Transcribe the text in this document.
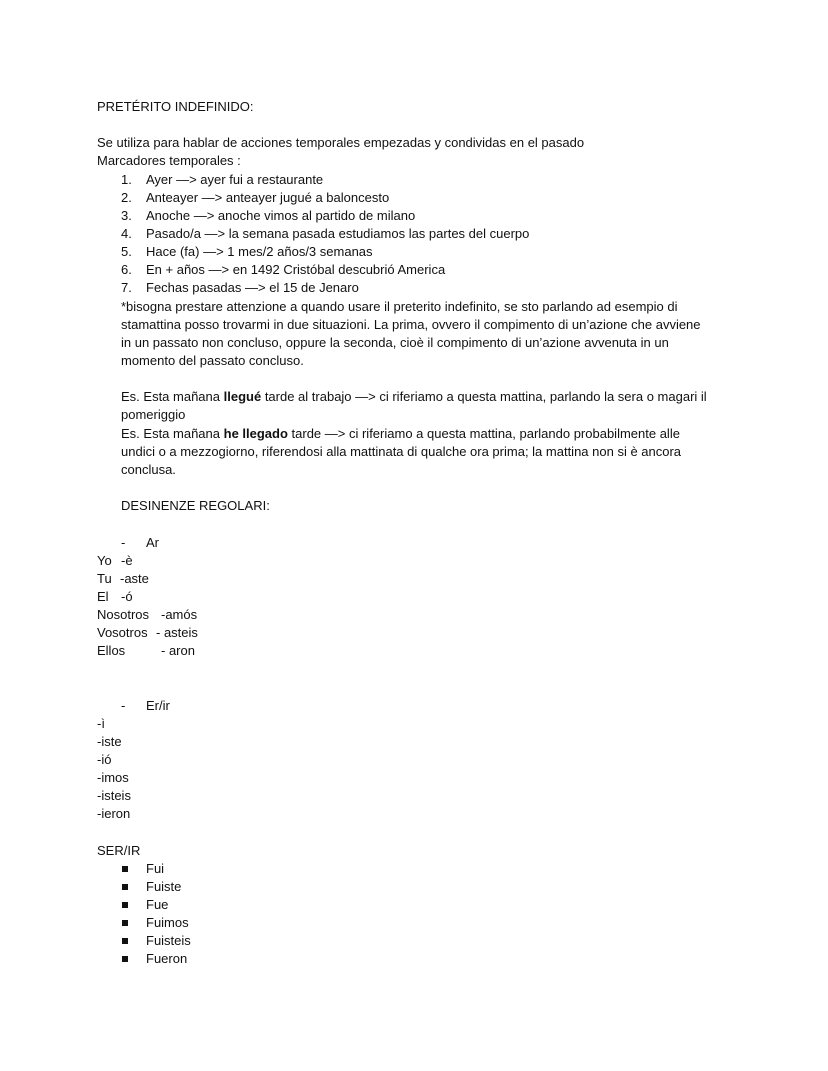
PRETÉRITO INDEFINIDO:
Se utiliza para hablar de acciones temporales empezadas y condividas en el pasado
Marcadores temporales :
1. Ayer —> ayer fui a restaurante
2. Anteayer —> anteayer jugué a baloncesto
3. Anoche —> anoche vimos al partido de milano
4. Pasado/a —> la semana pasada estudiamos las partes del cuerpo
5. Hace (fa) —> 1 mes/2 años/3 semanas
6. En + años —> en 1492 Cristóbal descubrió America
7. Fechas pasadas —> el 15 de Jenaro
*bisogna prestare attenzione a quando usare il preterito indefinito, se sto parlando ad esempio di
stamattina posso trovarmi in due situazioni. La prima, ovvero il compimento di un’azione che avviene
in un passato non concluso, oppure la seconda, cioè il compimento di un’azione avvenuta in un
momento del passato concluso.
Es. Esta mañana llegué tarde al trabajo —> ci riferiamo a questa mattina, parlando la sera o magari il
pomeriggio
Es. Esta mañana he llegado tarde —> ci riferiamo a questa mattina, parlando probabilmente alle
undici o a mezzogiorno, riferendosi alla mattinata di qualche ora prima; la mattina non si è ancora
conclusa.
DESINENZE REGOLARI:
- Ar
Yo -è
Tu -aste
El -ó
Nosotros -amós
Vosotros - asteis
Ellos	- aron
- Er/ir
-ì
-iste
-ió
-imos
-isteis
-ieron
SER/IR
Fui
Fuiste
Fue
Fuimos
Fuisteis
Fueron
